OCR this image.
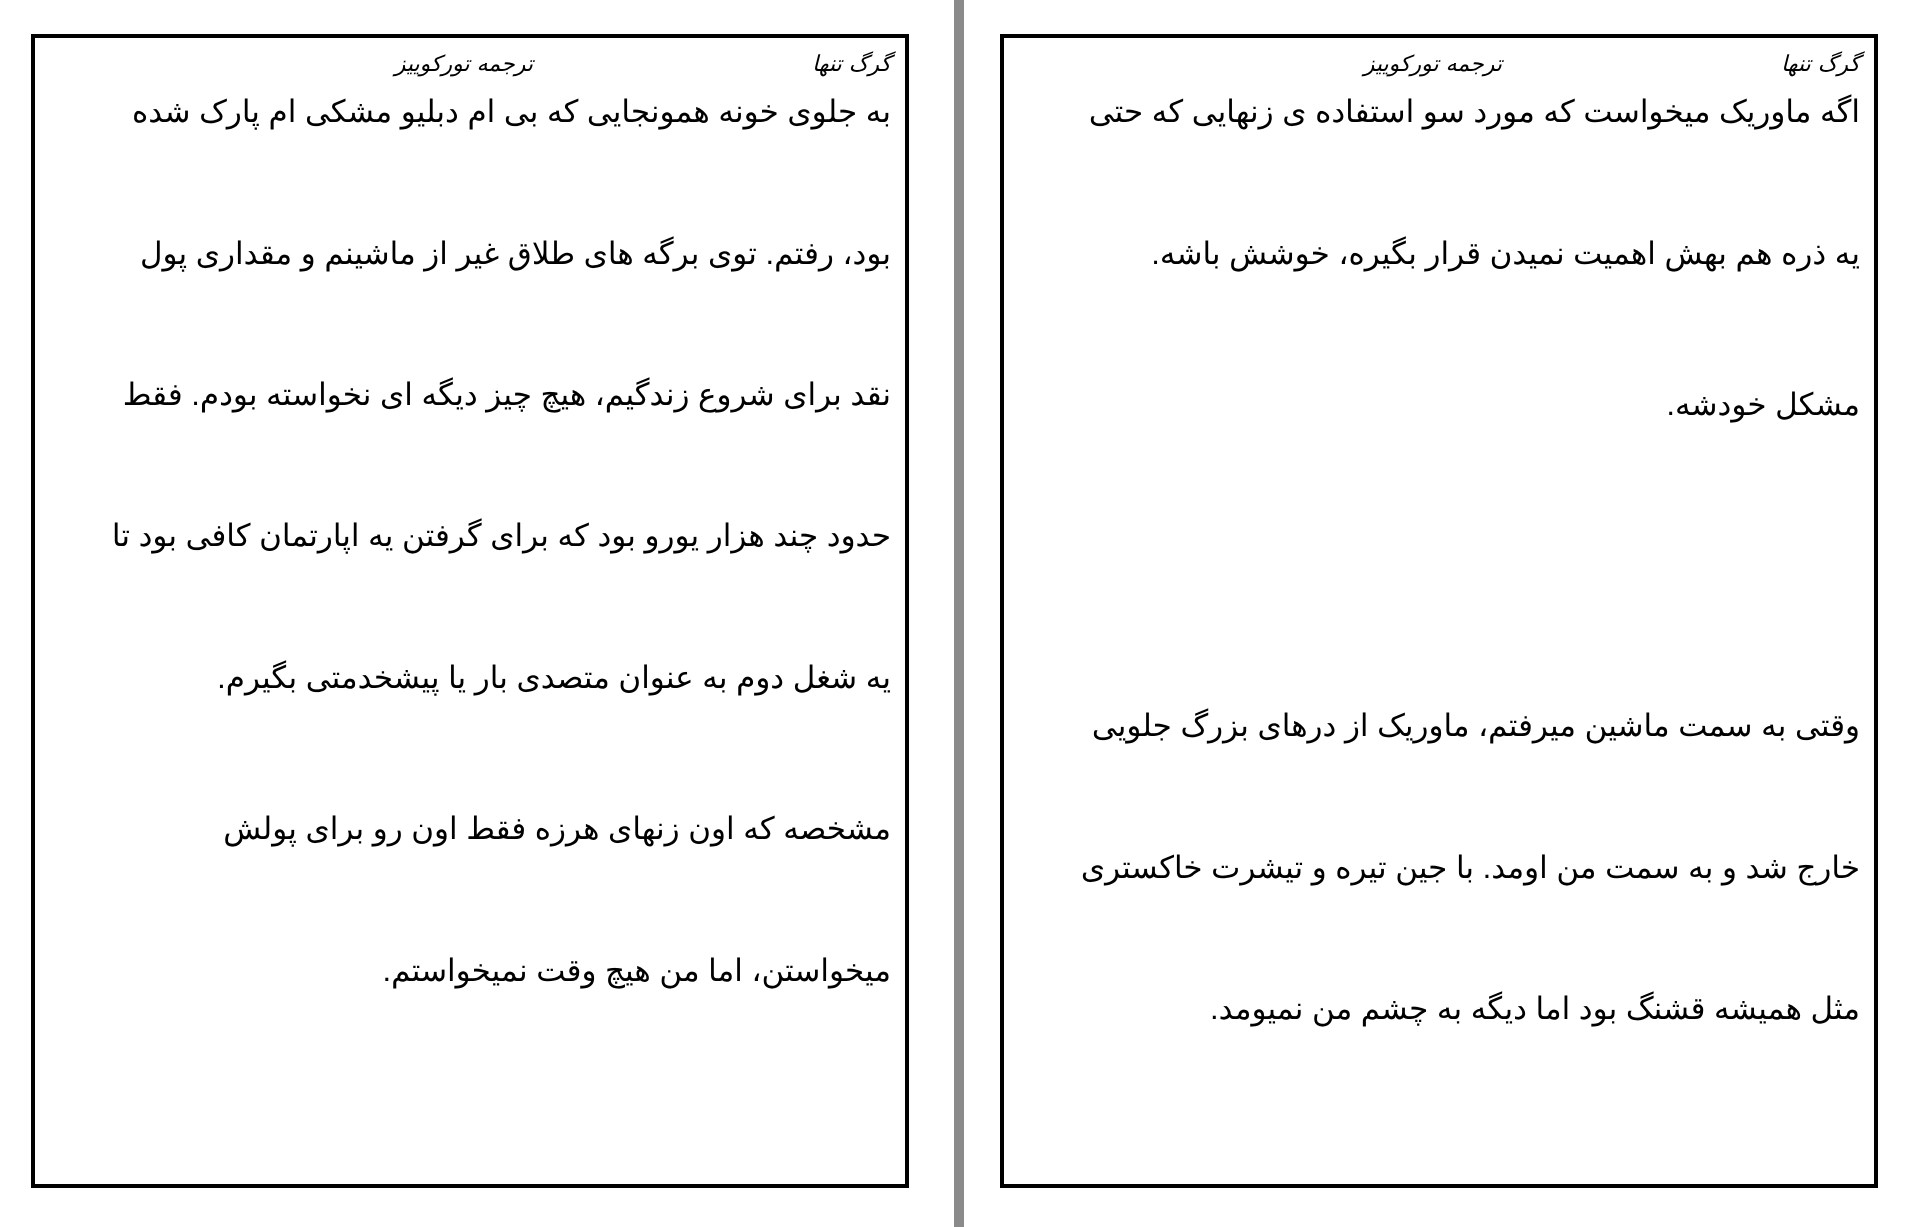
گرگ تنها
ترجمه تورکوییز
به جلوی خونه همونجایی که بی ام دبلیو مشکی ام پارک شده
بود، رفتم. توی برگه های طلاق غیر از ماشینم و مقداری پول
نقد برای شروع زندگیم، هیچ چیز دیگه ای نخواسته بودم. فقط
حدود چند هزار یورو بود که برای گرفتن یه اپارتمان کافی بود تا
یه شغل دوم به عنوان متصدی بار یا پیشخدمتی بگیرم.
مشخصه که اون زنهای هرزه فقط اون رو برای پولش
میخواستن، اما من هیچ وقت نمیخواستم.
گرگ تنها
ترجمه تورکوییز
اگه ماوریک میخواست که مورد سو استفاده ی زنهایی که حتی
یه ذره هم بهش اهمیت نمیدن قرار بگیره، خوشش باشه.
مشکل خودشه.
وقتی به سمت ماشین میرفتم، ماوریک از درهای بزرگ جلویی
خارج شد و به سمت من اومد. با جین تیره و تیشرت خاکستری
مثل همیشه قشنگ بود اما دیگه به چشم من نمیومد.
